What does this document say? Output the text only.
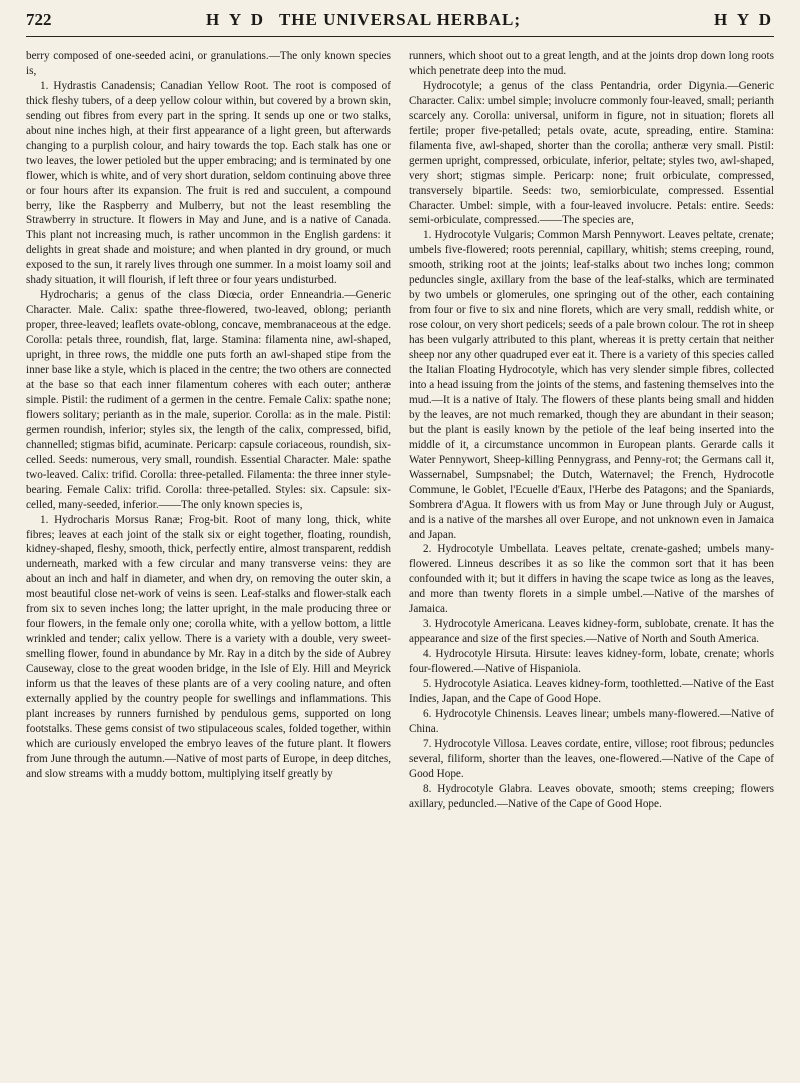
722	H Y D THE UNIVERSAL HERBAL;	H Y D

berry composed of one-seeded acini, or granulations.—The only known species is,

1. Hydrastis Canadensis; Canadian Yellow Root. The root is composed of thick fleshy tubers, of a deep yellow colour within, but covered by a brown skin, sending out fibres from every part in the spring. It sends up one or two stalks, about nine inches high, at their first appearance of a light green, but afterwards changing to a purplish colour, and hairy towards the top. Each stalk has one or two leaves, the lower petioled but the upper embracing; and is terminated by one flower, which is white, and of very short duration, seldom continuing above three or four hours after its expansion. The fruit is red and succulent, a compound berry, like the Raspberry and Mulberry, but not the least resembling the Strawberry in structure. It flowers in May and June, and is a native of Canada. This plant not increasing much, is rather uncommon in the English gardens: it delights in great shade and moisture; and when planted in dry ground, or much exposed to the sun, it rarely lives through one summer. In a moist loamy soil and shady situation, it will flourish, if left three or four years undisturbed.

Hydrocharis; a genus of the class Diœcia, order Enneandria.—Generic Character. Male. Calix: spathe three-flowered, two-leaved, oblong; perianth proper, three-leaved; leaflets ovate-oblong, concave, membranaceous at the edge. Corolla: petals three, roundish, flat, large. Stamina: filamenta nine, awl-shaped, upright, in three rows, the middle one puts forth an awl-shaped stipe from the inner base like a style, which is placed in the centre; the two others are connected at the base so that each inner filamentum coheres with each outer; antheræ simple. Pistil: the rudiment of a germen in the centre. Female Calix: spathe none; flowers solitary; perianth as in the male, superior. Corolla: as in the male. Pistil: germen roundish, inferior; styles six, the length of the calix, compressed, bifid, channelled; stigmas bifid, acuminate. Pericarp: capsule coriaceous, roundish, six-celled. Seeds: numerous, very small, roundish. Essential Character. Male: spathe two-leaved. Calix: trifid. Corolla: three-petalled. Filamenta: the three inner style-bearing. Female Calix: trifid. Corolla: three-petalled. Styles: six. Capsule: six-celled, many-seeded, inferior.——The only known species is,

1. Hydrocharis Morsus Ranæ; Frog-bit. Root of many long, thick, white fibres; leaves at each joint of the stalk six or eight together, floating, roundish, kidney-shaped, fleshy, smooth, thick, perfectly entire, almost transparent, reddish underneath, marked with a few circular and many transverse veins: they are about an inch and half in diameter, and when dry, on removing the outer skin, a most beautiful close net-work of veins is seen. Leaf-stalks and flower-stalk each from six to seven inches long; the latter upright, in the male producing three or four flowers, in the female only one; corolla white, with a yellow bottom, a little wrinkled and tender; calix yellow. There is a variety with a double, very sweet-smelling flower, found in abundance by Mr. Ray in a ditch by the side of Aubrey Causeway, close to the great wooden bridge, in the Isle of Ely. Hill and Meyrick inform us that the leaves of these plants are of a very cooling nature, and often externally applied by the country people for swellings and inflammations. This plant increases by runners furnished by pendulous gems, supported on long footstalks. These gems consist of two stipulaceous scales, folded together, within which are curiously enveloped the embryo leaves of the future plant. It flowers from June through the autumn.—Native of most parts of Europe, in deep ditches, and slow streams with a muddy bottom, multiplying itself greatly by

runners, which shoot out to a great length, and at the joints drop down long roots which penetrate deep into the mud.

Hydrocotyle; a genus of the class Pentandria, order Digynia.—Generic Character. Calix: umbel simple; involucre commonly four-leaved, small; perianth scarcely any. Corolla: universal, uniform in figure, not in situation; florets all fertile; proper five-petalled; petals ovate, acute, spreading, entire. Stamina: filamenta five, awl-shaped, shorter than the corolla; antheræ very small. Pistil: germen upright, compressed, orbiculate, inferior, peltate; styles two, awl-shaped, very short; stigmas simple. Pericarp: none; fruit orbiculate, compressed, transversely bipartile. Seeds: two, semiorbiculate, compressed. Essential Character. Umbel: simple, with a four-leaved involucre. Petals: entire. Seeds: semi-orbiculate, compressed.——The species are,

1. Hydrocotyle Vulgaris; Common Marsh Pennywort. Leaves peltate, crenate; umbels five-flowered; roots perennial, capillary, whitish; stems creeping, round, smooth, striking root at the joints; leaf-stalks about two inches long; common peduncles single, axillary from the base of the leaf-stalks, which are terminated by two umbels or glomerules, one springing out of the other, each containing from four or five to six and nine florets, which are very small, reddish white, or rose colour, on very short pedicels; seeds of a pale brown colour. The rot in sheep has been vulgarly attributed to this plant, whereas it is pretty certain that neither sheep nor any other quadruped ever eat it. There is a variety of this species called the Italian Floating Hydrocotyle, which has very slender simple fibres, collected into a head issuing from the joints of the stems, and fastening themselves into the mud.—It is a native of Italy. The flowers of these plants being small and hidden by the leaves, are not much remarked, though they are abundant in their season; but the plant is easily known by the petiole of the leaf being inserted into the middle of it, a circumstance uncommon in European plants. Gerarde calls it Water Pennywort, Sheep-killing Pennygrass, and Penny-rot; the Germans call it, Wassernabel, Sumpsnabel; the Dutch, Waternavel; the French, Hydrocotle Commune, le Goblet, l'Ecuelle d'Eaux, l'Herbe des Patagons; and the Spaniards, Sombrera d'Agua. It flowers with us from May or June through July or August, and is a native of the marshes all over Europe, and not unknown even in Jamaica and Japan.

2. Hydrocotyle Umbellata. Leaves peltate, crenate-gashed; umbels many-flowered. Linneus describes it as so like the common sort that it has been confounded with it; but it differs in having the scape twice as long as the leaves, and more than twenty florets in a simple umbel.—Native of the marshes of Jamaica.

3. Hydrocotyle Americana. Leaves kidney-form, sublobate, crenate. It has the appearance and size of the first species.—Native of North and South America.

4. Hydrocotyle Hirsuta. Hirsute: leaves kidney-form, lobate, crenate; whorls four-flowered.—Native of Hispaniola.

5. Hydrocotyle Asiatica. Leaves kidney-form, toothletted.—Native of the East Indies, Japan, and the Cape of Good Hope.

6. Hydrocotyle Chinensis. Leaves linear; umbels many-flowered.—Native of China.

7. Hydrocotyle Villosa. Leaves cordate, entire, villose; root fibrous; peduncles several, filiform, shorter than the leaves, one-flowered.—Native of the Cape of Good Hope.

8. Hydrocotyle Glabra. Leaves obovate, smooth; stems creeping; flowers axillary, peduncled.—Native of the Cape of Good Hope.
